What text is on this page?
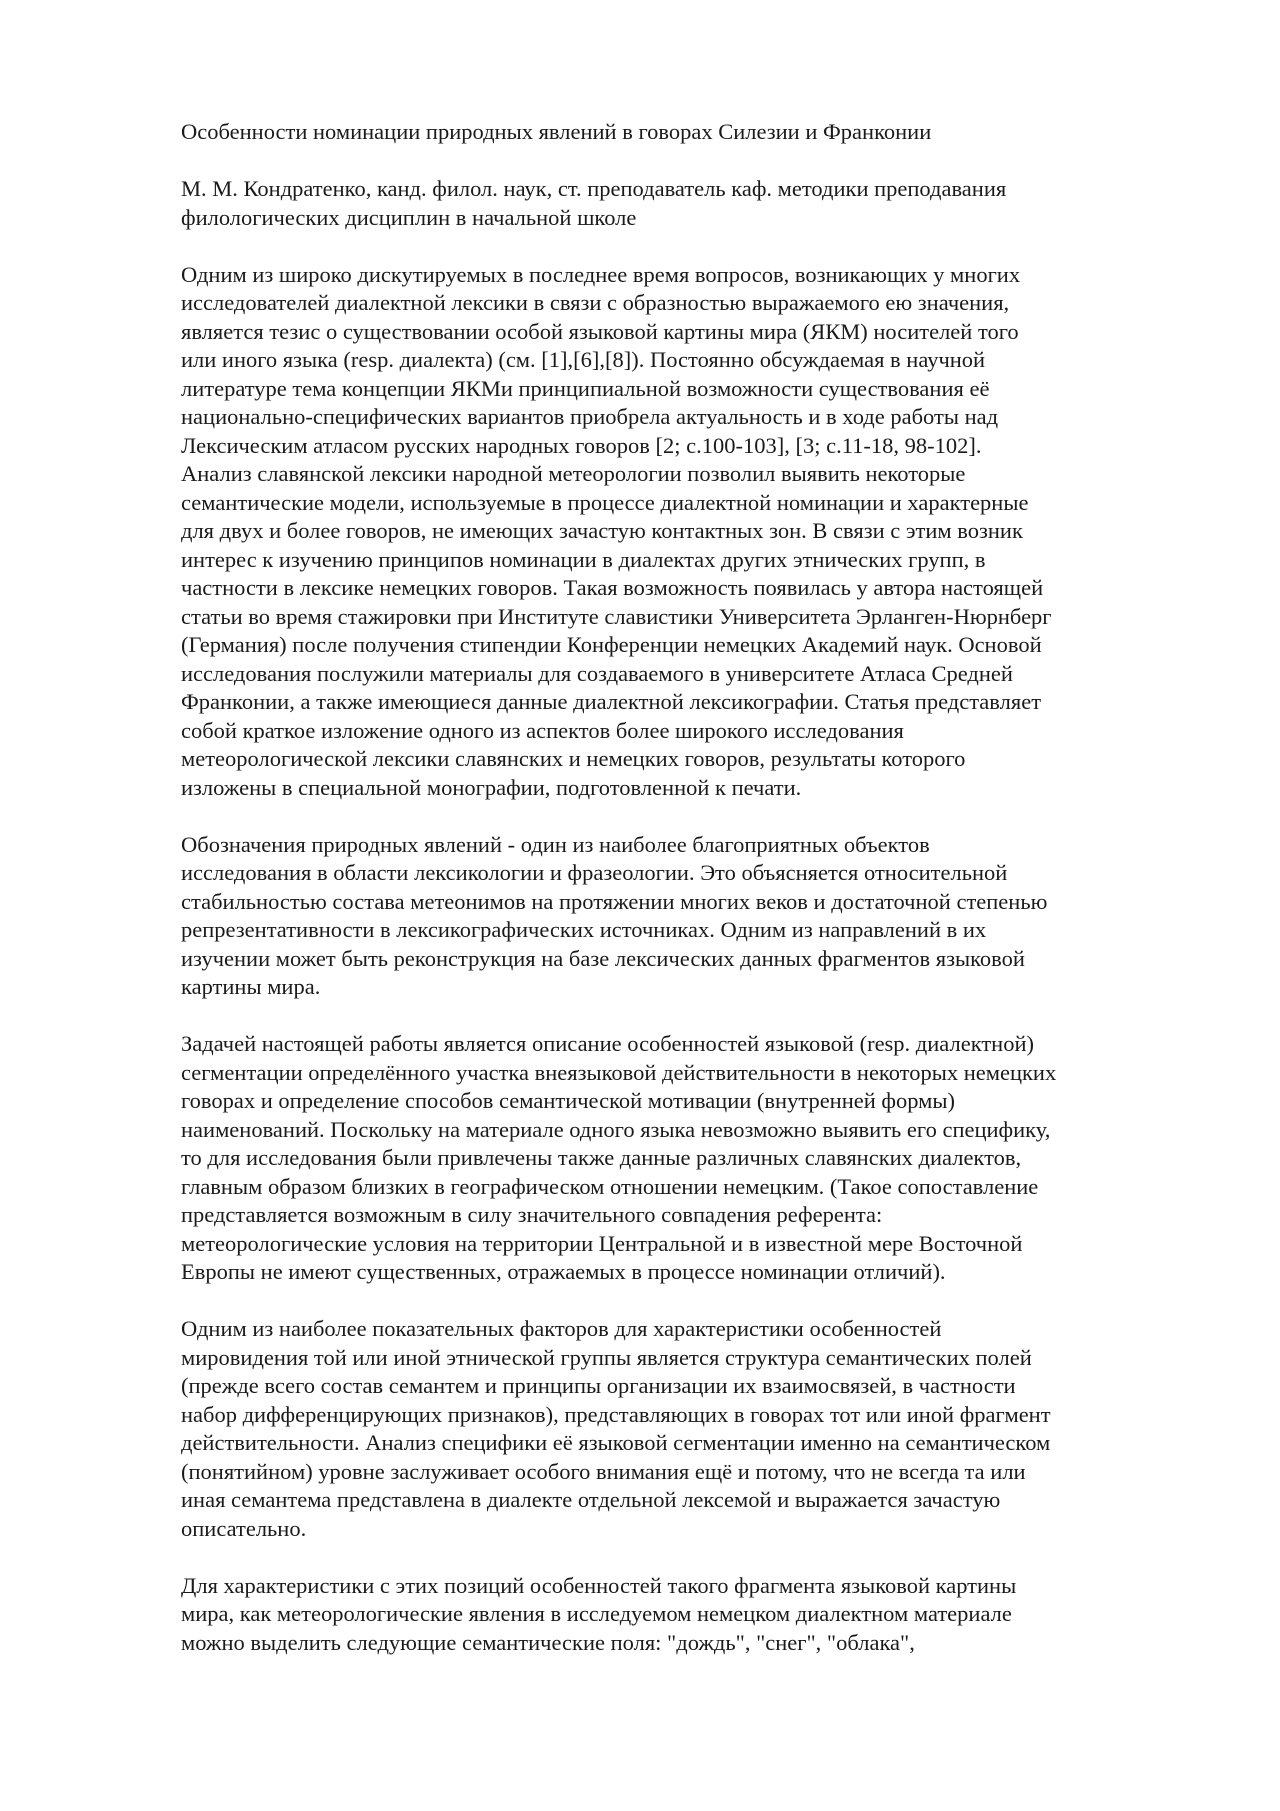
Особенности номинации природных явлений в говорах Силезии и Франконии

М. М. Кондратенко, канд. филол. наук, ст. преподаватель каф. методики преподавания
филологических дисциплин в начальной школе

Одним из широко дискутируемых в последнее время вопросов, возникающих у многих
исследователей диалектной лексики в связи с образностью выражаемого ею значения,
является тезис о существовании особой языковой картины мира (ЯКМ) носителей того
или иного языка (resp. диалекта) (см. [1],[6],[8]). Постоянно обсуждаемая в научной
литературе тема концепции ЯКМи принципиальной возможности существования её
национально-специфических вариантов приобрела актуальность и в ходе работы над
Лексическим атласом русских народных говоров [2; с.100-103], [3; с.11-18, 98-102].
Анализ славянской лексики народной метеорологии позволил выявить некоторые
семантические модели, используемые в процессе диалектной номинации и характерные
для двух и более говоров, не имеющих зачастую контактных зон. В связи с этим возник
интерес к изучению принципов номинации в диалектах других этнических групп, в
частности в лексике немецких говоров. Такая возможность появилась у автора настоящей
статьи во время стажировки при Институте славистики Университета Эрланген-Нюрнберг
(Германия) после получения стипендии Конференции немецких Академий наук. Основой
исследования послужили материалы для создаваемого в университете Атласа Средней
Франконии, а также имеющиеся данные диалектной лексикографии. Статья представляет
собой краткое изложение одного из аспектов более широкого исследования
метеорологической лексики славянских и немецких говоров, результаты которого
изложены в специальной монографии, подготовленной к печати.

Обозначения природных явлений - один из наиболее благоприятных объектов
исследования в области лексикологии и фразеологии. Это объясняется относительной
стабильностью состава метеонимов на протяжении многих веков и достаточной степенью
репрезентативности в лексикографических источниках. Одним из направлений в их
изучении может быть реконструкция на базе лексических данных фрагментов языковой
картины мира.

Задачей настоящей работы является описание особенностей языковой (resp. диалектной)
сегментации определённого участка внеязыковой действительности в некоторых немецких
говорах и определение способов семантической мотивации (внутренней формы)
наименований. Поскольку на материале одного языка невозможно выявить его специфику,
то для исследования были привлечены также данные различных славянских диалектов,
главным образом близких в географическом отношении немецким. (Такое сопоставление
представляется возможным в силу значительного совпадения референта:
метеорологические условия на территории Центральной и в известной мере Восточной
Европы не имеют существенных, отражаемых в процессе номинации отличий).

Одним из наиболее показательных факторов для характеристики особенностей
мировидения той или иной этнической группы является структура семантических полей
(прежде всего состав семантем и принципы организации их взаимосвязей, в частности
набор дифференцирующих признаков), представляющих в говорах тот или иной фрагмент
действительности. Анализ специфики её языковой сегментации именно на семантическом
(понятийном) уровне заслуживает особого внимания ещё и потому, что не всегда та или
иная семантема представлена в диалекте отдельной лексемой и выражается зачастую
описательно.

Для характеристики с этих позиций особенностей такого фрагмента языковой картины
мира, как метеорологические явления в исследуемом немецком диалектном материале
можно выделить следующие семантические поля: "дождь", "снег", "облака",
